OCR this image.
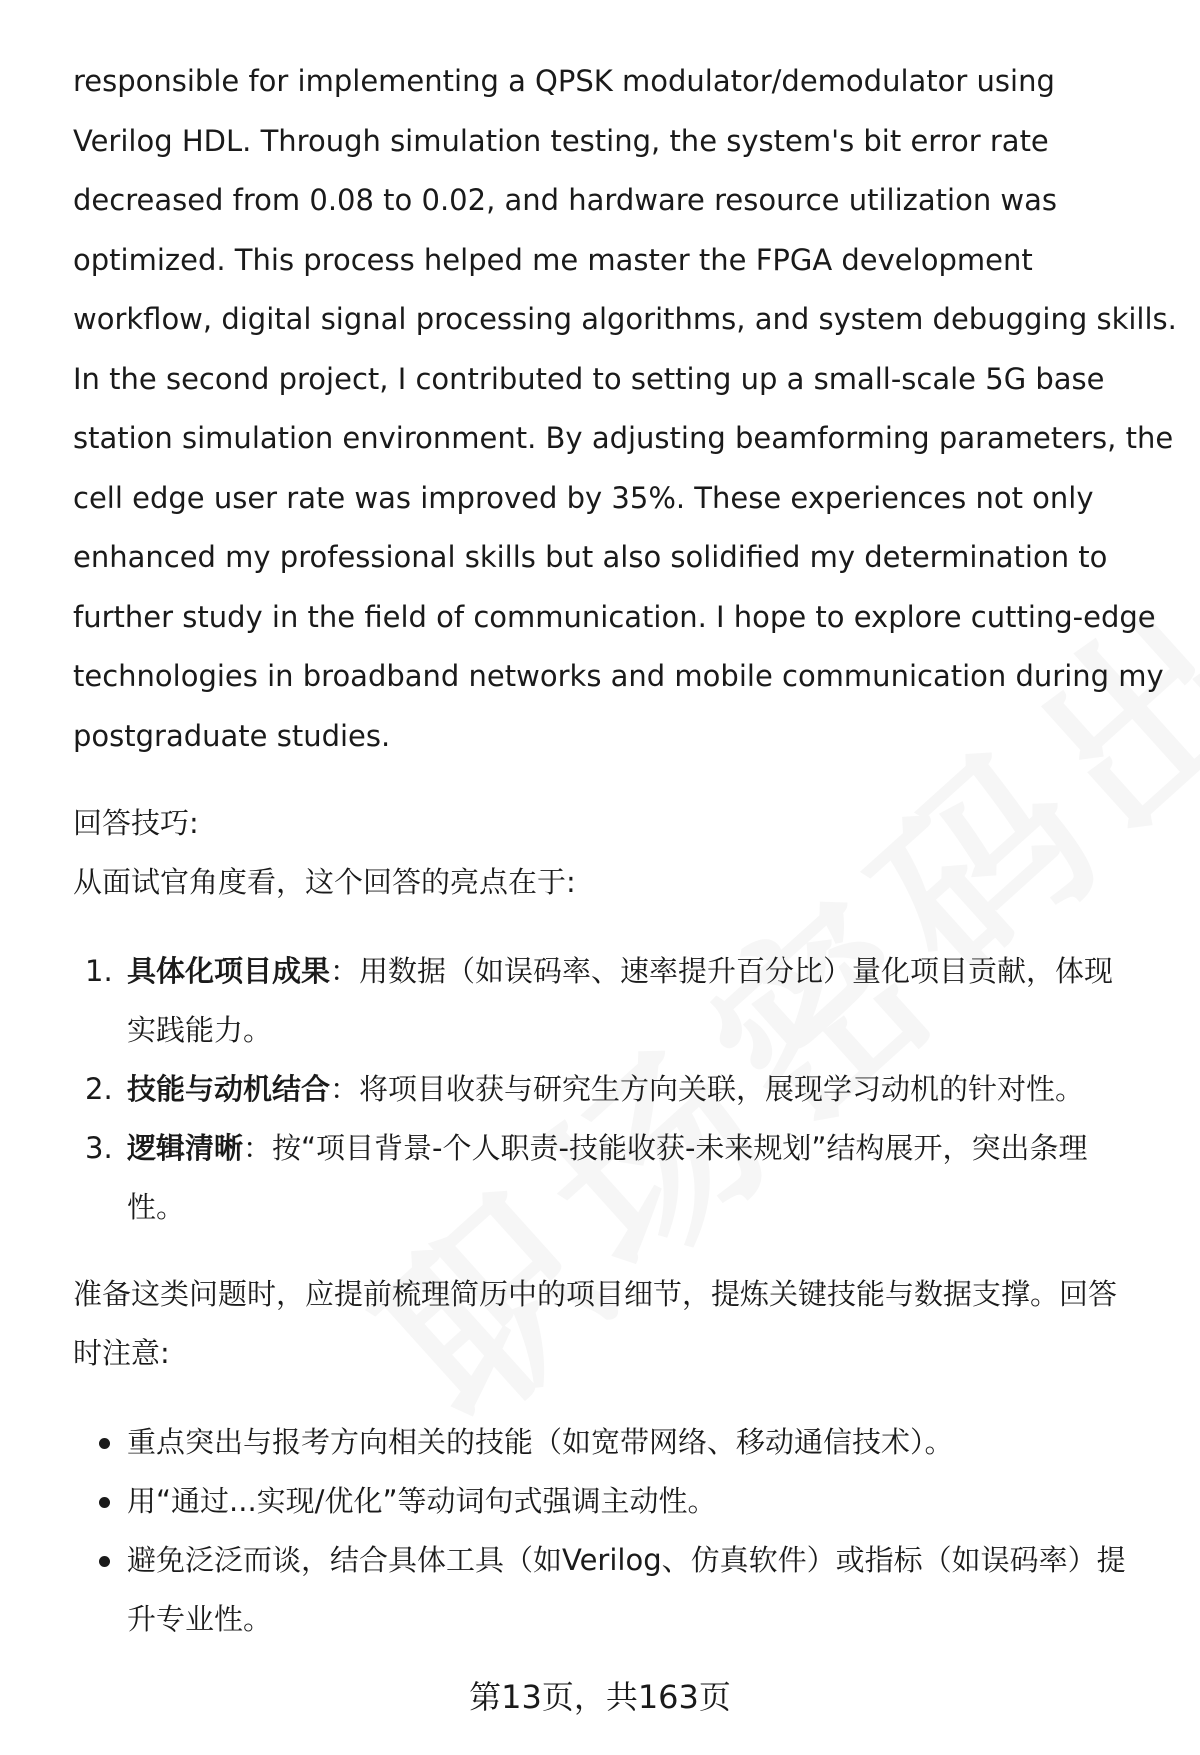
responsible for implementing a QPSK modulator/demodulator using
Verilog HDL. Through simulation testing, the system's bit error rate
decreased from 0.08 to 0.02, and hardware resource utilization was
optimized. This process helped me master the FPGA development
workflow, digital signal processing algorithms, and system debugging skills.
In the second project, I contributed to setting up a small-scale 5G base
station simulation environment. By adjusting beamforming parameters, the
cell edge user rate was improved by 35%. These experiences not only
enhanced my professional skills but also solidified my determination to
further study in the field of communication. I hope to explore cutting-edge
technologies in broadband networks and mobile communication during my
postgraduate studies.

回答技巧:

从面试官角度看，这个回答的亮点在于:

1. 具体化项目成果：用数据（如误码率、速率提升百分比）量化项目贡献，体现
实践能力。
2. 技能与动机结合：将项目收获与研究生方向关联，展现学习动机的针对性。
3. 逻辑清晰：按“项目背景-个人职责-技能收获-未来规划”结构展开，突出条理
性。

准备这类问题时，应提前梳理简历中的项目细节，提炼关键技能与数据支撑。回答
时注意:

重点突出与报考方向相关的技能（如宽带网络、移动通信技术）。
用“通过...实现/优化”等动词句式强调主动性。
避免泛泛而谈，结合具体工具（如Verilog、仿真软件）或指标（如误码率）提
升专业性。
第13页，共163页
